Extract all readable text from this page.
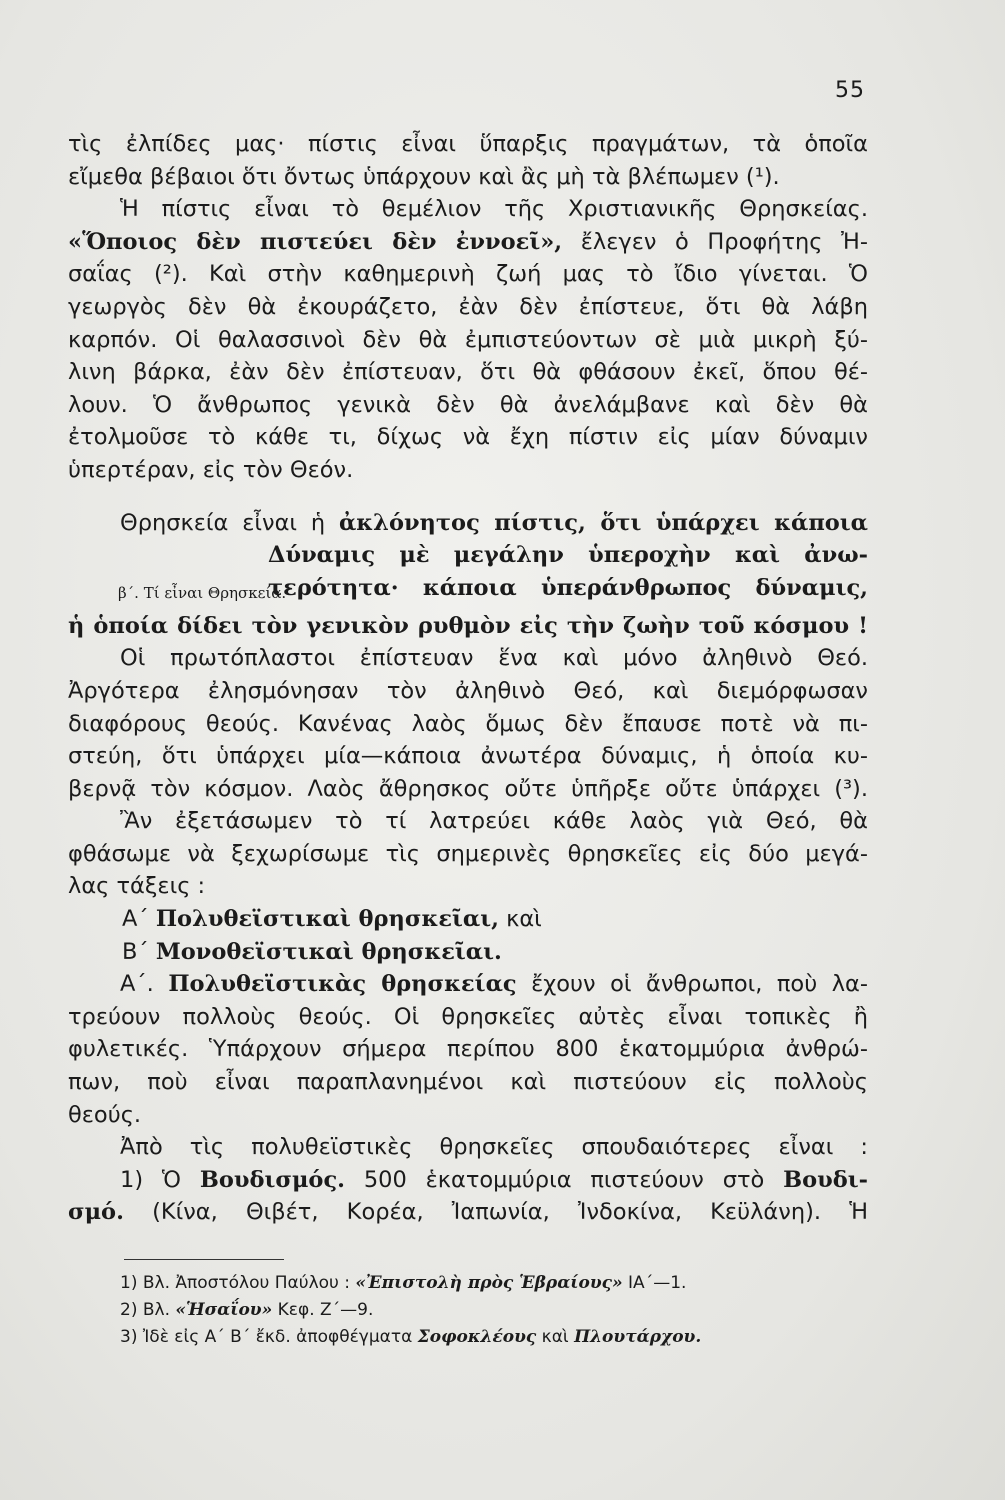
55
τὶς ἐλπίδες μας· πίστις εἶναι ὕπαρξις πραγμάτων, τὰ ὁποῖα
εἴμεθα βέβαιοι ὅτι ὄντως ὑπάρχουν καὶ ἂς μὴ τὰ βλέπωμεν (¹).
Ἡ πίστις εἶναι τὸ θεμέλιον τῆς Χριστιανικῆς Θρησκείας.
«Ὅποιος δὲν πιστεύει δὲν ἐννοεῖ», ἔλεγεν ὁ Προφήτης Ἠ-
σαΐας (²). Καὶ στὴν καθημερινὴ ζωή μας τὸ ἴδιο γίνεται. Ὁ
γεωργὸς δὲν θὰ ἐκουράζετο, ἐὰν δὲν ἐπίστευε, ὅτι θὰ λάβη
καρπόν. Οἱ θαλασσινοὶ δὲν θὰ ἐμπιστεύοντων σὲ μιὰ μικρὴ ξύ-
λινη βάρκα, ἐὰν δὲν ἐπίστευαν, ὅτι θὰ φθάσουν ἐκεῖ, ὅπου θέ-
λουν. Ὁ ἄνθρωπος γενικὰ δὲν θὰ ἀνελάμβανε καὶ δὲν θὰ
ἐτολμοῦσε τὸ κάθε τι, δίχως νὰ ἔχη πίστιν εἰς μίαν δύναμιν
ὑπερτέραν, εἰς τὸν Θεόν.
Θρησκεία εἶναι ἡ ἀκλόνητος πίστις, ὅτι ὑπάρχει κάποια
β΄. Τί εἶναι Θρησκεία.
Δύναμις μὲ μεγάλην ὑπεροχὴν καὶ ἀνω-
τερότητα· κάποια ὑπεράνθρωπος δύναμις,
ἡ ὁποία δίδει τὸν γενικὸν ρυθμὸν εἰς τὴν ζωὴν τοῦ κόσμου !
Οἱ πρωτόπλαστοι ἐπίστευαν ἕνα καὶ μόνο ἀληθινὸ Θεό.
Ἀργότερα ἐλησμόνησαν τὸν ἀληθινὸ Θεό, καὶ διεμόρφωσαν
διαφόρους θεούς. Κανένας λαὸς ὅμως δὲν ἔπαυσε ποτὲ νὰ πι-
στεύη, ὅτι ὑπάρχει μία—κάποια ἀνωτέρα δύναμις, ἡ ὁποία κυ-
βερνᾷ τὸν κόσμον. Λαὸς ἄθρησκος οὔτε ὑπῆρξε οὔτε ὑπάρχει (³).
Ἂν ἐξετάσωμεν τὸ τί λατρεύει κάθε λαὸς γιὰ Θεό, θὰ
φθάσωμε νὰ ξεχωρίσωμε τὶς σημερινὲς θρησκεῖες εἰς δύο μεγά-
λας τάξεις :
Α΄ Πολυθεϊστικαὶ θρησκεῖαι, καὶ
Β΄ Μονοθεϊστικαὶ θρησκεῖαι.
Α΄. Πολυθεϊστικὰς θρησκείας ἔχουν οἱ ἄνθρωποι, ποὺ λα-
τρεύουν πολλοὺς θεούς. Οἱ θρησκεῖες αὐτὲς εἶναι τοπικὲς ἢ
φυλετικές. Ὑπάρχουν σήμερα περίπου 800 ἑκατομμύρια ἀνθρώ-
πων, ποὺ εἶναι παραπλανημένοι καὶ πιστεύουν εἰς πολλοὺς
θεούς.
Ἀπὸ τὶς πολυθεϊστικὲς θρησκεῖες σπουδαιότερες εἶναι :
1) Ὁ Βουδισμός. 500 ἑκατομμύρια πιστεύουν στὸ Βουδι-
σμό. (Κίνα, Θιβέτ, Κορέα, Ἰαπωνία, Ἰνδοκίνα, Κεϋλάνη). Ἡ
1) Βλ. Ἀποστόλου Παύλου : «Ἐπιστολὴ πρὸς Ἑβραίους» ΙΑ΄—1.
2) Βλ. «Ἡσαΐου» Κεφ. Ζ΄—9.
3) Ἰδὲ εἰς Α΄ Β΄ ἔκδ. ἀποφθέγματα Σοφοκλέους καὶ Πλουτάρχου.
